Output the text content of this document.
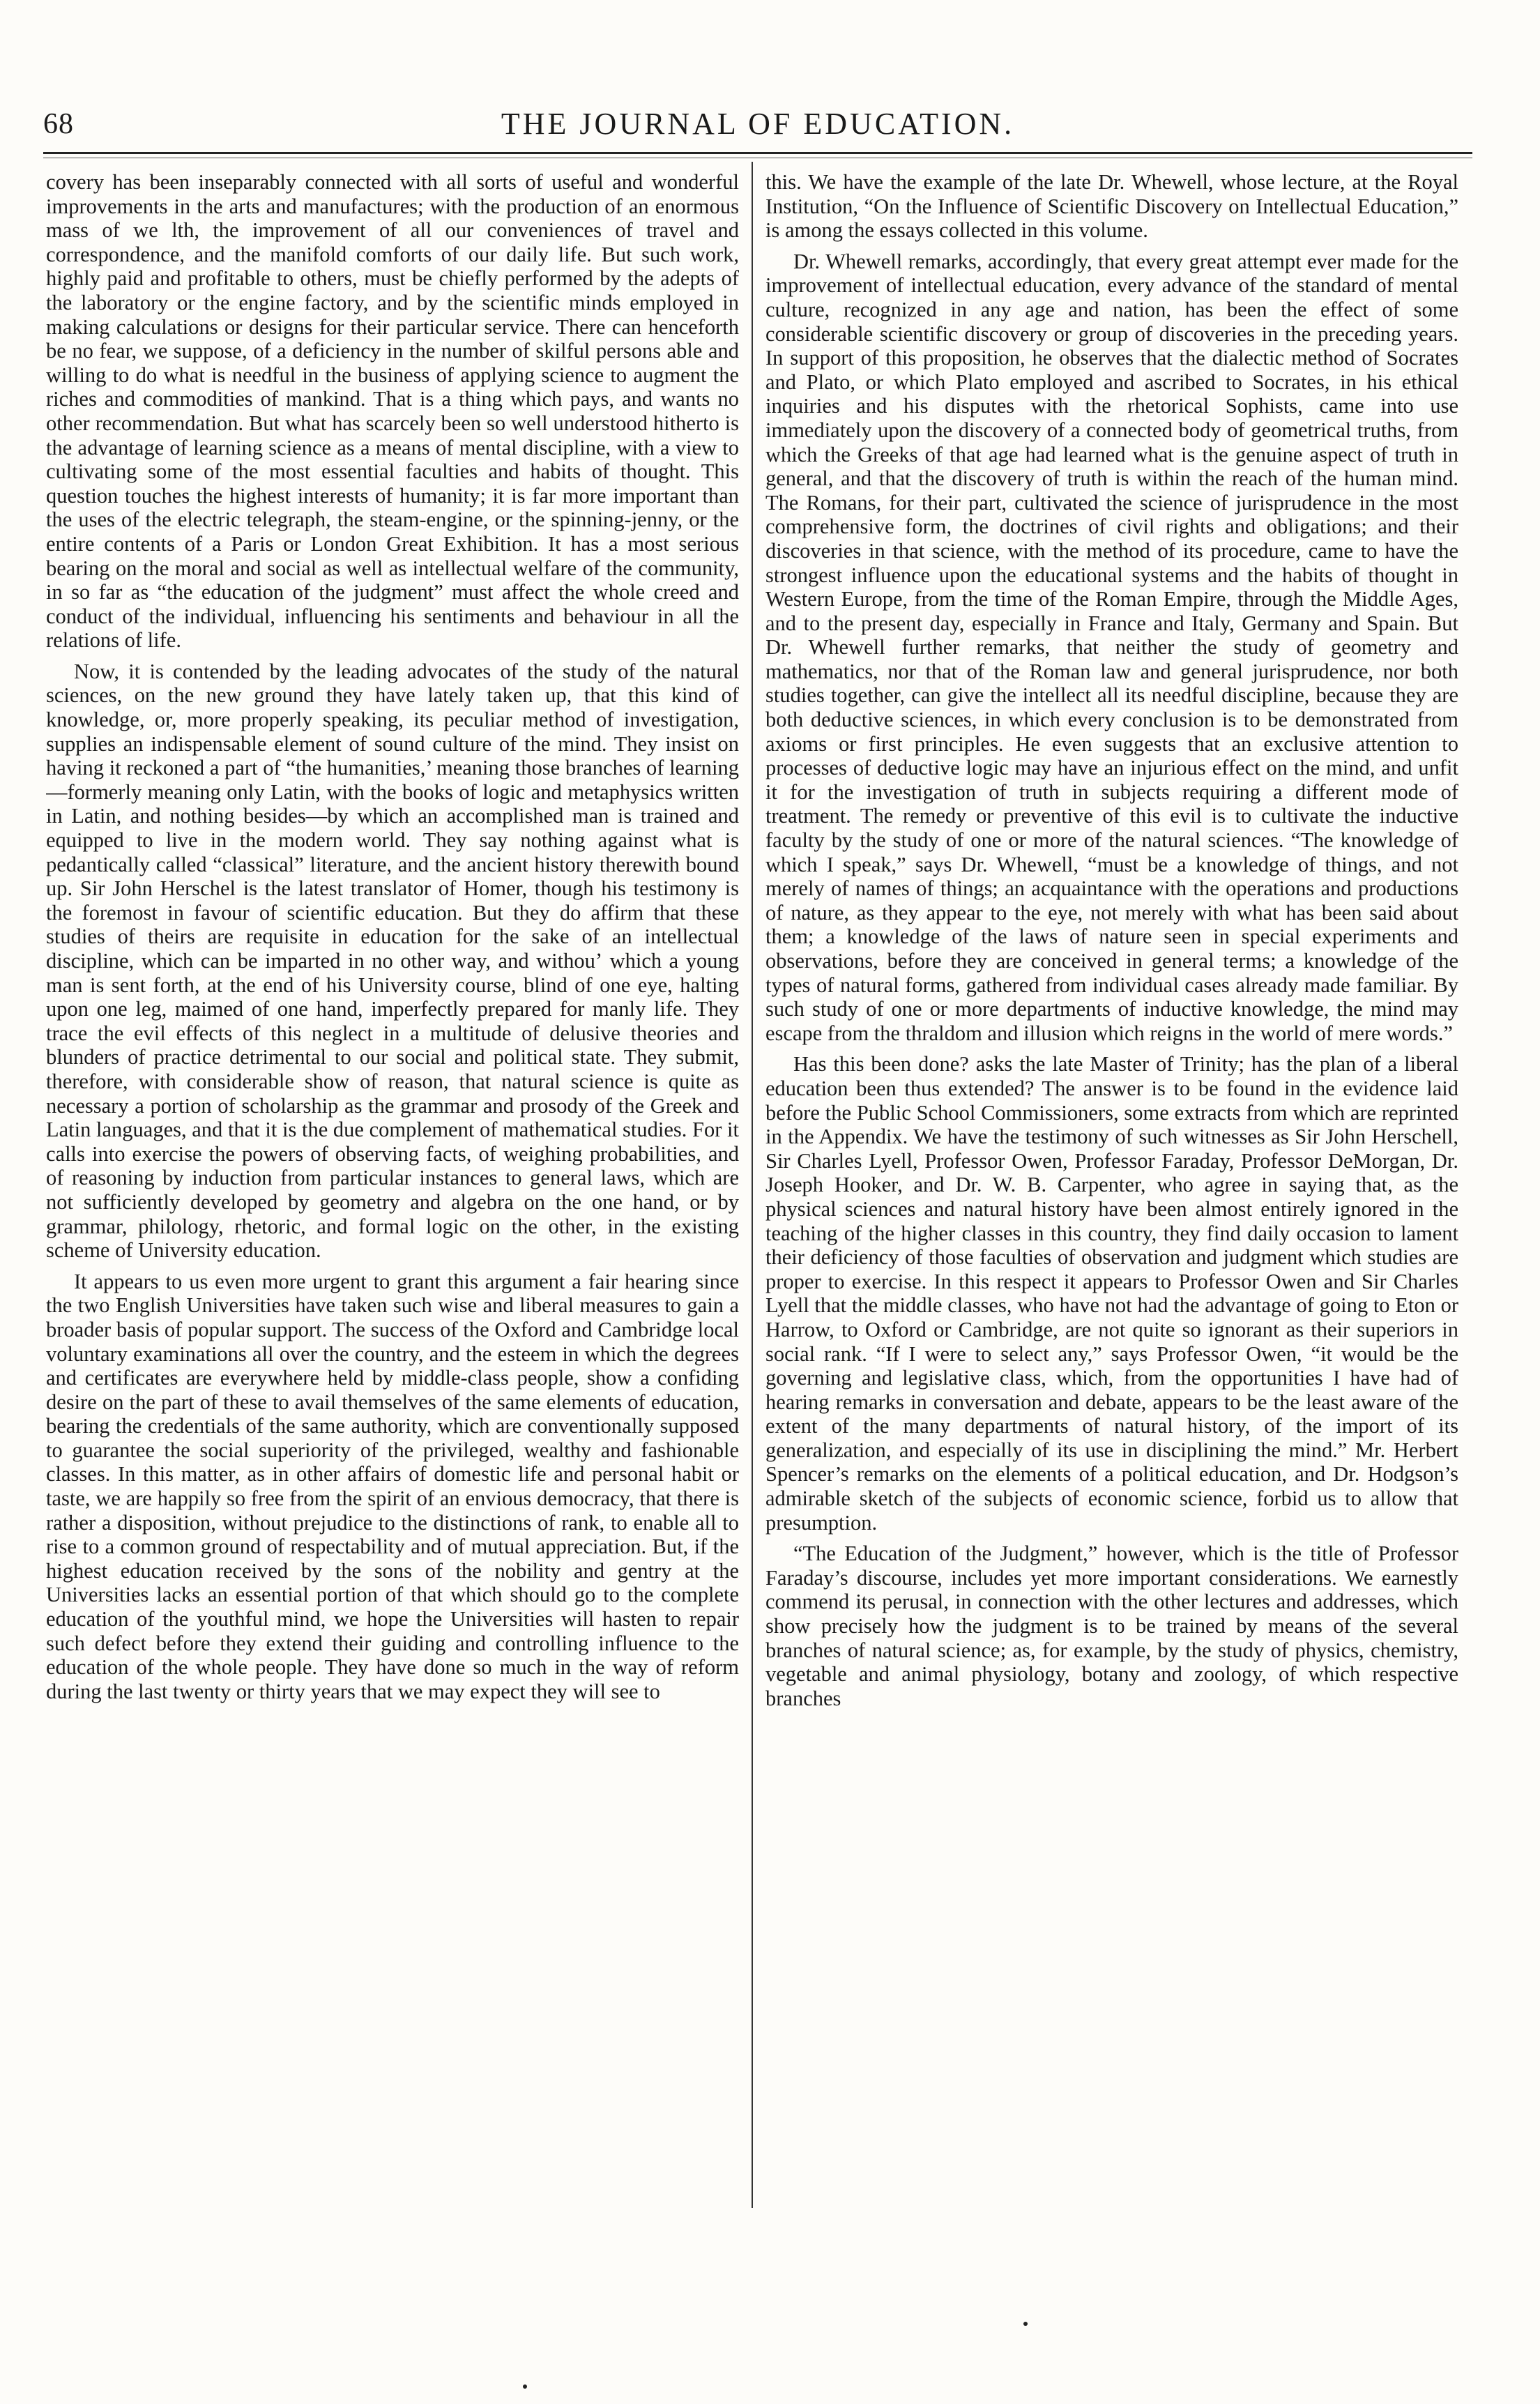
68	THE JOURNAL OF EDUCATION.

covery has been inseparably connected with all sorts of useful and wonderful improvements in the arts and manufactures; with the production of an enormous mass of we lth, the improvement of all our conveniences of travel and correspondence, and the manifold comforts of our daily life. But such work, highly paid and profitable to others, must be chiefly performed by the adepts of the laboratory or the engine factory, and by the scientific minds employed in making calculations or designs for their particular service. There can henceforth be no fear, we suppose, of a deficiency in the number of skilful persons able and willing to do what is needful in the business of applying science to augment the riches and commodities of mankind. That is a thing which pays, and wants no other recommendation. But what has scarcely been so well understood hitherto is the advantage of learning science as a means of mental discipline, with a view to cultivating some of the most essential faculties and habits of thought. This question touches the highest interests of humanity; it is far more important than the uses of the electric telegraph, the steam-engine, or the spinning-jenny, or the entire contents of a Paris or London Great Exhibition. It has a most serious bearing on the moral and social as well as intellectual welfare of the community, in so far as “the education of the judgment” must affect the whole creed and conduct of the individual, influencing his sentiments and behaviour in all the relations of life.

Now, it is contended by the leading advocates of the study of the natural sciences, on the new ground they have lately taken up, that this kind of knowledge, or, more properly speaking, its peculiar method of investigation, supplies an indispensable element of sound culture of the mind. They insist on having it reckoned a part of “the humanities,’ meaning those branches of learning—formerly meaning only Latin, with the books of logic and metaphysics written in Latin, and nothing besides—by which an accomplished man is trained and equipped to live in the modern world. They say nothing against what is pedantically called “classical” literature, and the ancient history therewith bound up. Sir John Herschel is the latest translator of Homer, though his testimony is the foremost in favour of scientific education. But they do affirm that these studies of theirs are requisite in education for the sake of an intellectual discipline, which can be imparted in no other way, and withouʼ which a young man is sent forth, at the end of his University course, blind of one eye, halting upon one leg, maimed of one hand, imperfectly prepared for manly life. They trace the evil effects of this neglect in a multitude of delusive theories and blunders of practice detrimental to our social and political state. They submit, therefore, with considerable show of reason, that natural science is quite as necessary a portion of scholarship as the grammar and prosody of the Greek and Latin languages, and that it is the due complement of mathematical studies. For it calls into exercise the powers of observing facts, of weighing probabilities, and of reasoning by induction from particular instances to general laws, which are not sufficiently developed by geometry and algebra on the one hand, or by grammar, philology, rhetoric, and formal logic on the other, in the existing scheme of University education.

It appears to us even more urgent to grant this argument a fair hearing since the two English Universities have taken such wise and liberal measures to gain a broader basis of popular support. The success of the Oxford and Cambridge local voluntary examinations all over the country, and the esteem in which the degrees and certificates are everywhere held by middle-class people, show a confiding desire on the part of these to avail themselves of the same elements of education, bearing the credentials of the same authority, which are conventionally supposed to guarantee the social superiority of the privileged, wealthy and fashionable classes. In this matter, as in other affairs of domestic life and personal habit or taste, we are happily so free from the spirit of an envious democracy, that there is rather a disposition, without prejudice to the distinctions of rank, to enable all to rise to a common ground of respectability and of mutual appreciation. But, if the highest education received by the sons of the nobility and gentry at the Universities lacks an essential portion of that which should go to the complete education of the youthful mind, we hope the Universities will hasten to repair such defect before they extend their guiding and controlling influence to the education of the whole people. They have done so much in the way of reform during the last twenty or thirty years that we may expect they will see to

this. We have the example of the late Dr. Whewell, whose lecture, at the Royal Institution, “On the Influence of Scientific Discovery on Intellectual Education,” is among the essays collected in this volume.

Dr. Whewell remarks, accordingly, that every great attempt ever made for the improvement of intellectual education, every advance of the standard of mental culture, recognized in any age and nation, has been the effect of some considerable scientific discovery or group of discoveries in the preceding years. In support of this proposition, he observes that the dialectic method of Socrates and Plato, or which Plato employed and ascribed to Socrates, in his ethical inquiries and his disputes with the rhetorical Sophists, came into use immediately upon the discovery of a connected body of geometrical truths, from which the Greeks of that age had learned what is the genuine aspect of truth in general, and that the discovery of truth is within the reach of the human mind. The Romans, for their part, cultivated the science of jurisprudence in the most comprehensive form, the doctrines of civil rights and obligations; and their discoveries in that science, with the method of its procedure, came to have the strongest influence upon the educational systems and the habits of thought in Western Europe, from the time of the Roman Empire, through the Middle Ages, and to the present day, especially in France and Italy, Germany and Spain. But Dr. Whewell further remarks, that neither the study of geometry and mathematics, nor that of the Roman law and general jurisprudence, nor both studies together, can give the intellect all its needful discipline, because they are both deductive sciences, in which every conclusion is to be demonstrated from axioms or first principles. He even suggests that an exclusive attention to processes of deductive logic may have an injurious effect on the mind, and unfit it for the investigation of truth in subjects requiring a different mode of treatment. The remedy or preventive of this evil is to cultivate the inductive faculty by the study of one or more of the natural sciences. “The knowledge of which I speak,” says Dr. Whewell, “must be a knowledge of things, and not merely of names of things; an acquaintance with the operations and productions of nature, as they appear to the eye, not merely with what has been said about them; a knowledge of the laws of nature seen in special experiments and observations, before they are conceived in general terms; a knowledge of the types of natural forms, gathered from individual cases already made familiar. By such study of one or more departments of inductive knowledge, the mind may escape from the thraldom and illusion which reigns in the world of mere words.”

Has this been done? asks the late Master of Trinity; has the plan of a liberal education been thus extended? The answer is to be found in the evidence laid before the Public School Commissioners, some extracts from which are reprinted in the Appendix. We have the testimony of such witnesses as Sir John Herschell, Sir Charles Lyell, Professor Owen, Professor Faraday, Professor DeMorgan, Dr. Joseph Hooker, and Dr. W. B. Carpenter, who agree in saying that, as the physical sciences and natural history have been almost entirely ignored in the teaching of the higher classes in this country, they find daily occasion to lament their deficiency of those faculties of observation and judgment which studies are proper to exercise. In this respect it appears to Professor Owen and Sir Charles Lyell that the middle classes, who have not had the advantage of going to Eton or Harrow, to Oxford or Cambridge, are not quite so ignorant as their superiors in social rank. “If I were to select any,” says Professor Owen, “it would be the governing and legislative class, which, from the opportunities I have had of hearing remarks in conversation and debate, appears to be the least aware of the extent of the many departments of natural history, of the import of its generalization, and especially of its use in disciplining the mind.” Mr. Herbert Spencer’s remarks on the elements of a political education, and Dr. Hodgson’s admirable sketch of the subjects of economic science, forbid us to allow that presumption.

“The Education of the Judgment,” however, which is the title of Professor Faraday’s discourse, includes yet more important considerations. We earnestly commend its perusal, in connection with the other lectures and addresses, which show precisely how the judgment is to be trained by means of the several branches of natural science; as, for example, by the study of physics, chemistry, vegetable and animal physiology, botany and zoology, of which respective branches
